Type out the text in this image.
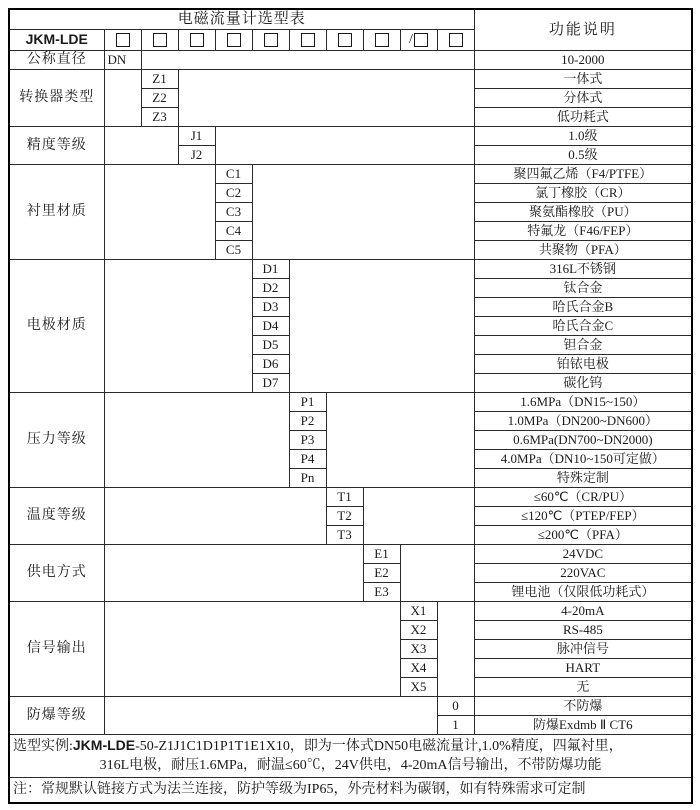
电磁流量计选型表											功能说明
JKM-LDE									/		
公称直径	DN										10-2000
转换器类型		Z1									一体式
		Z2									分体式
		Z3									低功耗式
精度等级			J1								1.0级
			J2								0.5级
衬里材质				C1							聚四氟乙烯（F4/PTFE）
				C2							氯丁橡胶（CR）
				C3							聚氨酯橡胶（PU）
				C4							特氟龙（F46/FEP）
				C5							共聚物（PFA）
电极材质					D1						316L不锈钢
					D2						钛合金
					D3						哈氏合金B
					D4						哈氏合金C
					D5						钽合金
					D6						铂铱电极
					D7						碳化钨
压力等级						P1					1.6MPa（DN15~150）
						P2					1.0MPa（DN200~DN600）
						P3					0.6MPa(DN700~DN2000)
						P4					4.0MPa（DN10~150可定做）
						Pn					特殊定制
温度等级							T1				≤60℃（CR/PU）
							T2				≤120℃（PTEP/FEP）
							T3				≤200℃（PFA）
供电方式								E1			24VDC
								E2			220VAC
								E3			锂电池（仅限低功耗式）
信号输出									X1		4-20mA
									X2		RS-485
									X3		脉冲信号
									X4		HART
									X5		无
防爆等级										0	不防爆
										1	防爆Exdmb Ⅱ CT6

选型实例:JKM-LDE-50-Z1J1C1D1P1T1E1X10，即为一体式DN50电磁流量计,1.0%精度，四氟衬里，
316L电极，耐压1.6MPa，耐温≤60℃，24V供电，4-20mA信号输出，不带防爆功能											

注：常规默认链接方式为法兰连接，防护等级为IP65，外壳材料为碳钢，如有特殊需求可定制											
